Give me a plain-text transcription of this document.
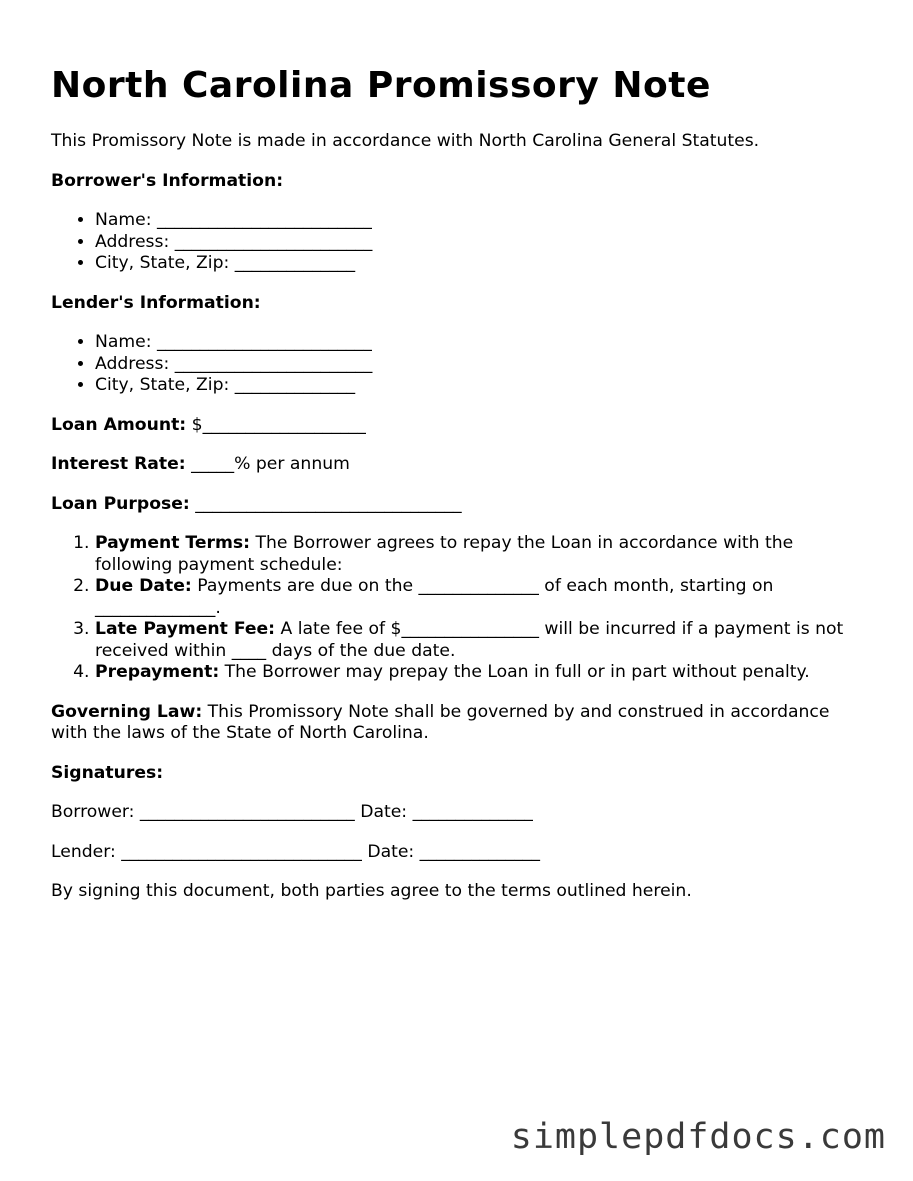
North Carolina Promissory Note

This Promissory Note is made in accordance with North Carolina General Statutes.

Borrower's Information:

• Name: _________________________
• Address: _______________________
• City, State, Zip: ______________

Lender's Information:

• Name: _________________________
• Address: _______________________
• City, State, Zip: ______________

Loan Amount: $___________________

Interest Rate: _____% per annum

Loan Purpose: _______________________________

1. Payment Terms: The Borrower agrees to repay the Loan in accordance with the following payment schedule:
2. Due Date: Payments are due on the ______________ of each month, starting on ______________.
3. Late Payment Fee: A late fee of $________________ will be incurred if a payment is not received within ____ days of the due date.
4. Prepayment: The Borrower may prepay the Loan in full or in part without penalty.

Governing Law: This Promissory Note shall be governed by and construed in accordance with the laws of the State of North Carolina.

Signatures:

Borrower: _________________________ Date: ______________

Lender: ____________________________ Date: ______________

By signing this document, both parties agree to the terms outlined herein.

simplepdfdocs.com
